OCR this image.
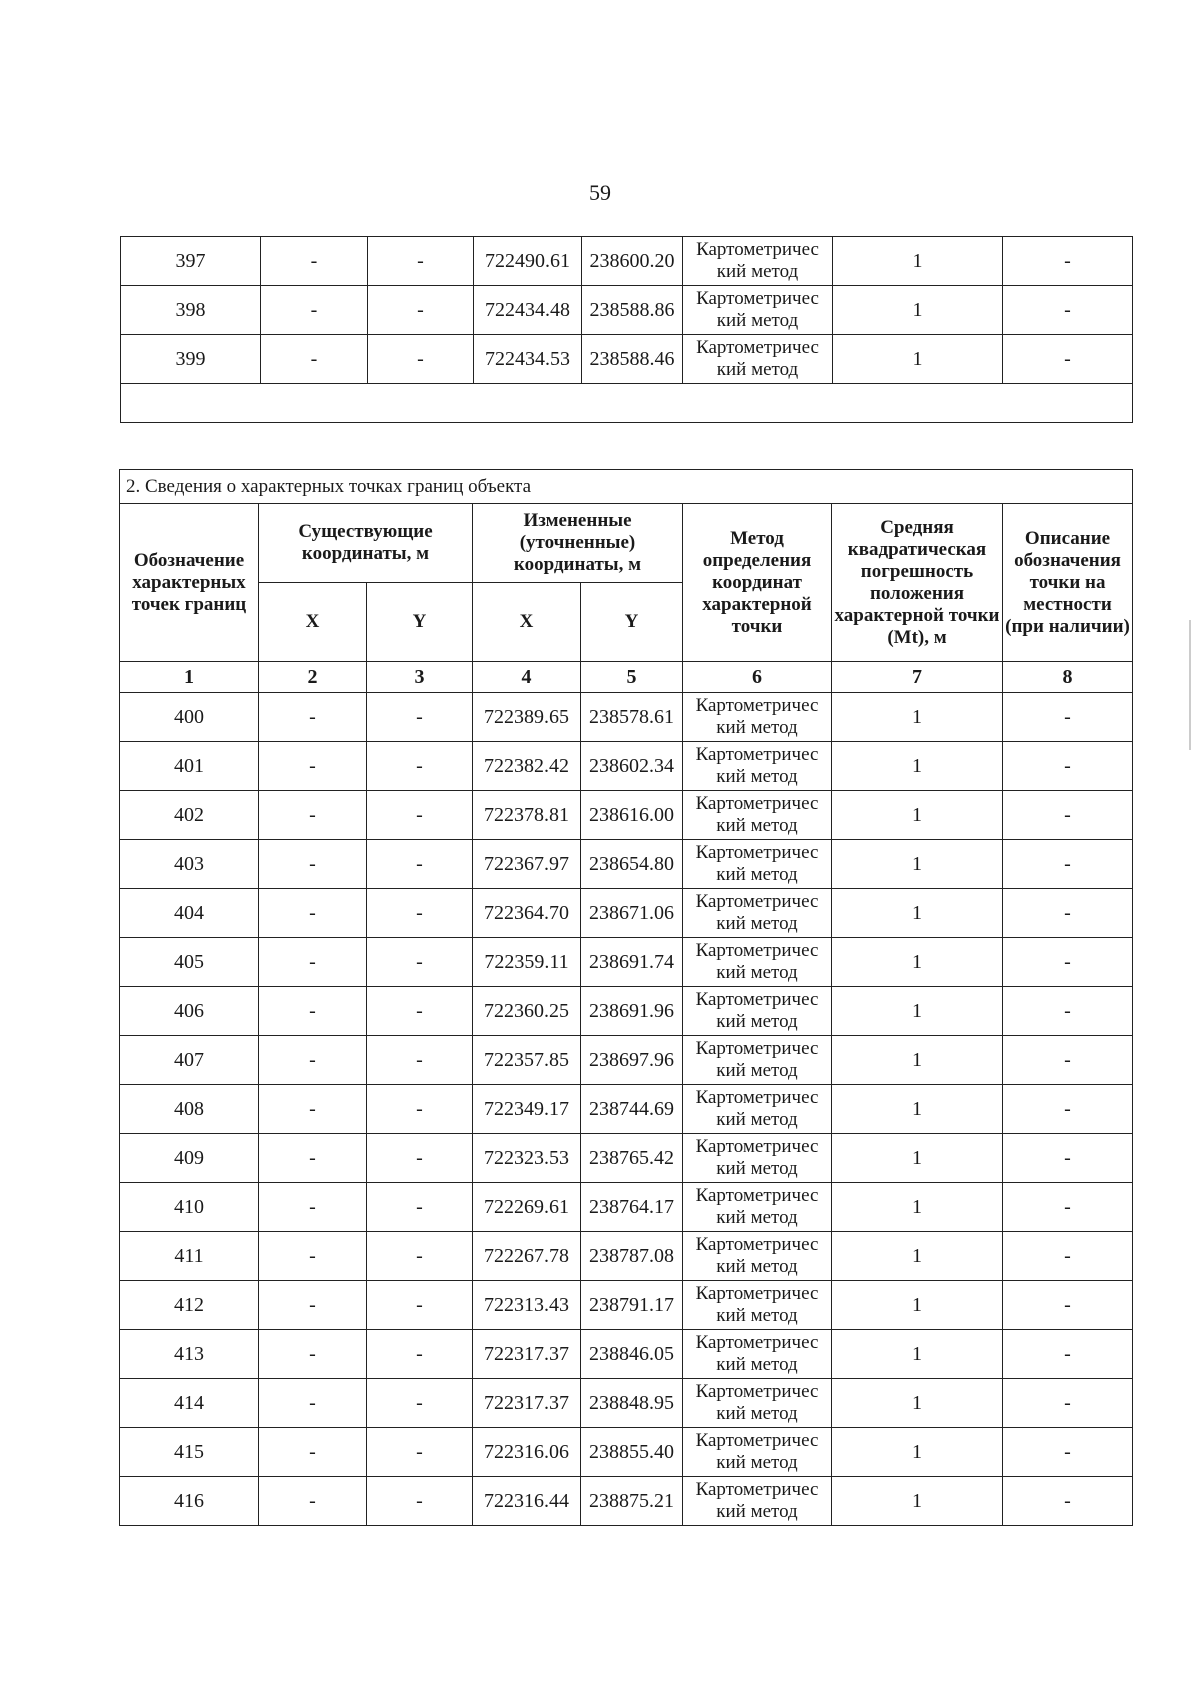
59
397	-	-	722490.61	238600.20	Картометричес кий метод	1	-
398	-	-	722434.48	238588.86	Картометричес кий метод	1	-
399	-	-	722434.53	238588.46	Картометричес кий метод	1	-

2. Сведения о характерных точках границ объекта							
Обозначение характерных точек границ	Существующие координаты, м		Измененные (уточненные) координаты, м		Метод определения координат характерной точки	Средняя квадратическая погрешность положения характерной точки (Mt), м	Описание обозначения точки на местности (при наличии)
	X	Y	X	Y			
1	2	3	4	5	6	7	8
400	-	-	722389.65	238578.61	Картометричес кий метод	1	-
401	-	-	722382.42	238602.34	Картометричес кий метод	1	-
402	-	-	722378.81	238616.00	Картометричес кий метод	1	-
403	-	-	722367.97	238654.80	Картометричес кий метод	1	-
404	-	-	722364.70	238671.06	Картометричес кий метод	1	-
405	-	-	722359.11	238691.74	Картометричес кий метод	1	-
406	-	-	722360.25	238691.96	Картометричес кий метод	1	-
407	-	-	722357.85	238697.96	Картометричес кий метод	1	-
408	-	-	722349.17	238744.69	Картометричес кий метод	1	-
409	-	-	722323.53	238765.42	Картометричес кий метод	1	-
410	-	-	722269.61	238764.17	Картометричес кий метод	1	-
411	-	-	722267.78	238787.08	Картометричес кий метод	1	-
412	-	-	722313.43	238791.17	Картометричес кий метод	1	-
413	-	-	722317.37	238846.05	Картометричес кий метод	1	-
414	-	-	722317.37	238848.95	Картометричес кий метод	1	-
415	-	-	722316.06	238855.40	Картометричес кий метод	1	-
416	-	-	722316.44	238875.21	Картометричес кий метод	1	-
